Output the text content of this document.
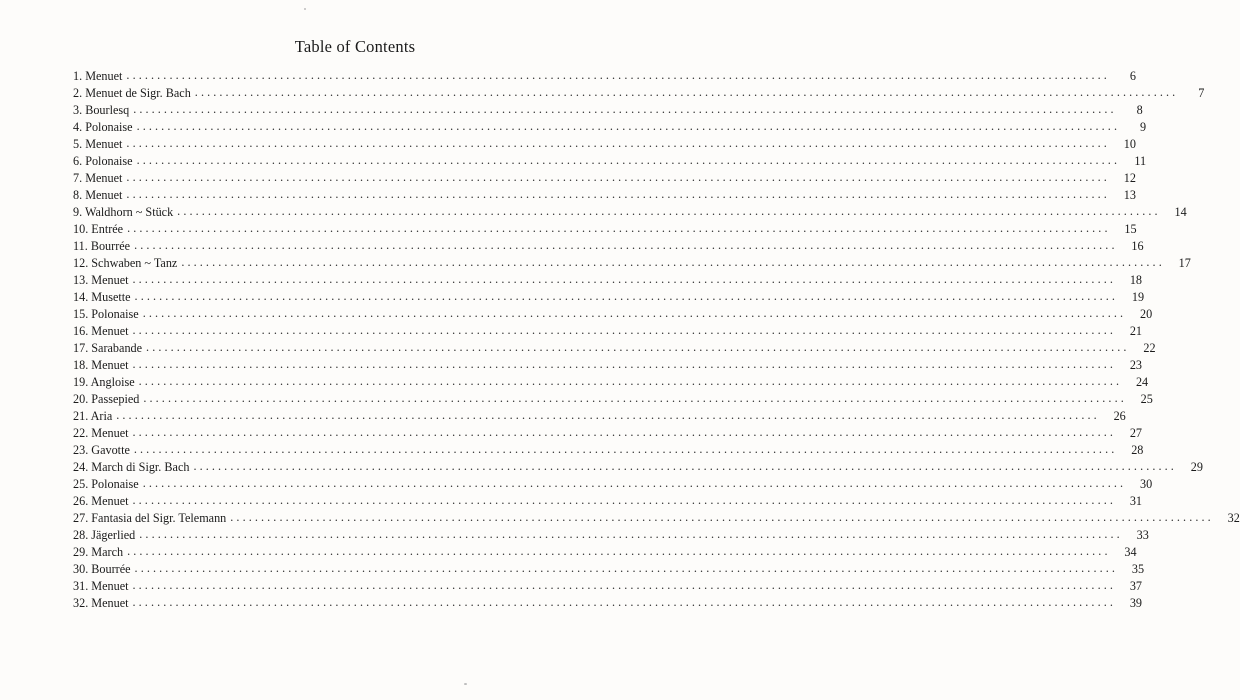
Table of Contents
1. Menuet ................................................................................................................................................................	6
2. Menuet de Sigr. Bach ................................................................................................................................................................	7
3. Bourlesq ................................................................................................................................................................	8
4. Polonaise ................................................................................................................................................................	9
5. Menuet ................................................................................................................................................................	10
6. Polonaise ................................................................................................................................................................	11
7. Menuet ................................................................................................................................................................	12
8. Menuet ................................................................................................................................................................	13
9. Waldhorn ~ Stück ................................................................................................................................................................	14
10. Entrée ................................................................................................................................................................	15
11. Bourrée ................................................................................................................................................................	16
12. Schwaben ~ Tanz ................................................................................................................................................................	17
13. Menuet ................................................................................................................................................................	18
14. Musette ................................................................................................................................................................	19
15. Polonaise ................................................................................................................................................................	20
16. Menuet ................................................................................................................................................................	21
17. Sarabande ................................................................................................................................................................	22
18. Menuet ................................................................................................................................................................	23
19. Angloise ................................................................................................................................................................	24
20. Passepied ................................................................................................................................................................	25
21. Aria ................................................................................................................................................................	26
22. Menuet ................................................................................................................................................................	27
23. Gavotte ................................................................................................................................................................	28
24. March di Sigr. Bach ................................................................................................................................................................	29
25. Polonaise ................................................................................................................................................................	30
26. Menuet ................................................................................................................................................................	31
27. Fantasia del Sigr. Telemann ................................................................................................................................................................	32
28. Jägerlied ................................................................................................................................................................	33
29. March ................................................................................................................................................................	34
30. Bourrée ................................................................................................................................................................	35
31. Menuet ................................................................................................................................................................	37
32. Menuet ................................................................................................................................................................	39
